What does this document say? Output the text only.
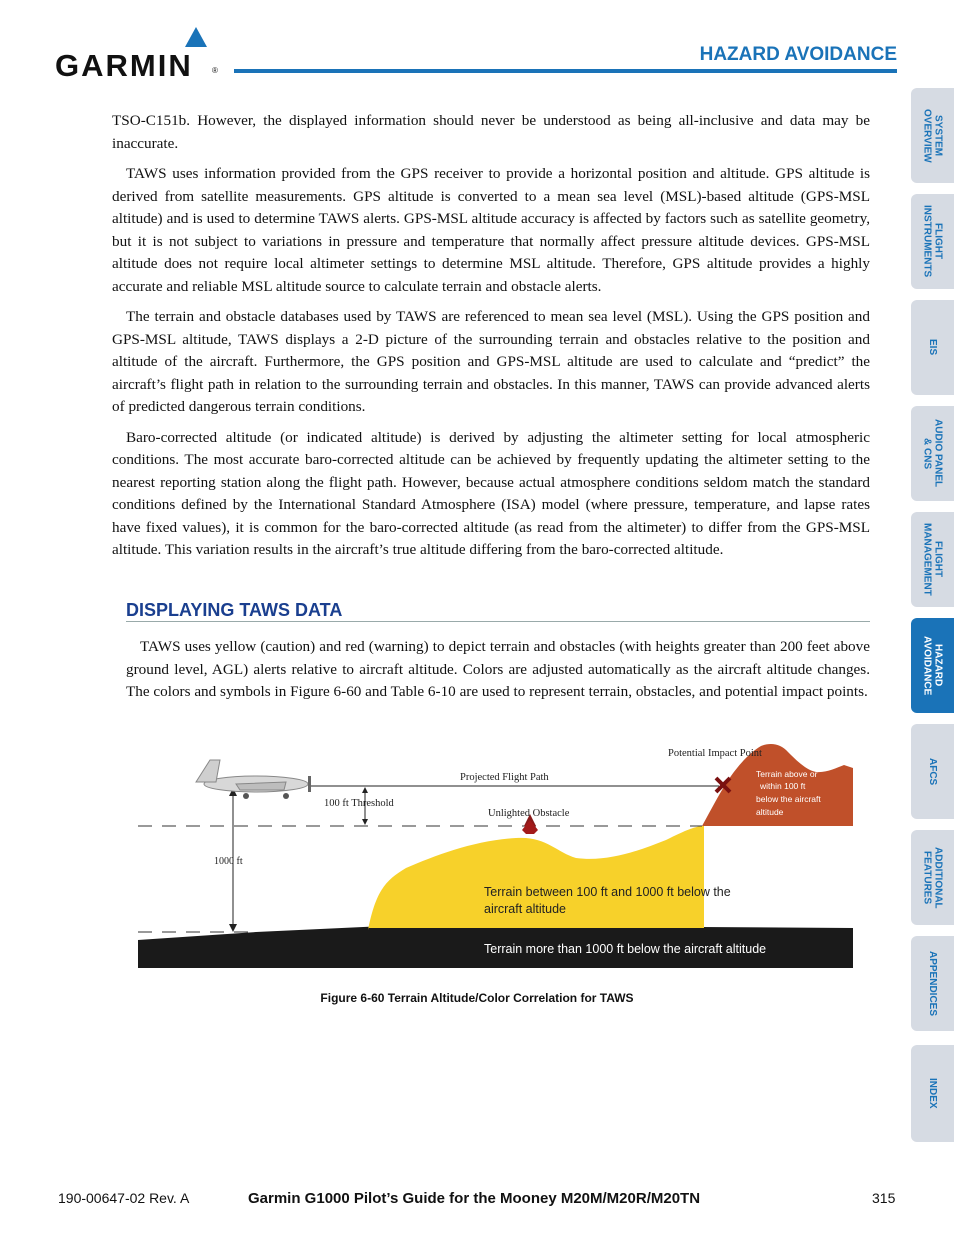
GARMIN ®
HAZARD AVOIDANCE

TSO-C151b. However, the displayed information should never be understood as being all-inclusive and data may be inaccurate.

TAWS uses information provided from the GPS receiver to provide a horizontal position and altitude. GPS altitude is derived from satellite measurements. GPS altitude is converted to a mean sea level (MSL)-based altitude (GPS-MSL altitude) and is used to determine TAWS alerts. GPS-MSL altitude accuracy is affected by factors such as satellite geometry, but it is not subject to variations in pressure and temperature that normally affect pressure altitude devices. GPS-MSL altitude does not require local altimeter settings to determine MSL altitude. Therefore, GPS altitude provides a highly accurate and reliable MSL altitude source to calculate terrain and obstacle alerts.

The terrain and obstacle databases used by TAWS are referenced to mean sea level (MSL). Using the GPS position and GPS-MSL altitude, TAWS displays a 2-D picture of the surrounding terrain and obstacles relative to the position and altitude of the aircraft. Furthermore, the GPS position and GPS-MSL altitude are used to calculate and “predict” the aircraft’s flight path in relation to the surrounding terrain and obstacles. In this manner, TAWS can provide advanced alerts of predicted dangerous terrain conditions.

Baro-corrected altitude (or indicated altitude) is derived by adjusting the altimeter setting for local atmospheric conditions. The most accurate baro-corrected altitude can be achieved by frequently updating the altimeter setting to the nearest reporting station along the flight path. However, because actual atmosphere conditions seldom match the standard conditions defined by the International Standard Atmosphere (ISA) model (where pressure, temperature, and lapse rates have fixed values), it is common for the baro-corrected altitude (as read from the altimeter) to differ from the GPS-MSL altitude. This variation results in the aircraft’s true altitude differing from the baro-corrected altitude.

DISPLAYING TAWS DATA

TAWS uses yellow (caution) and red (warning) to depict terrain and obstacles (with heights greater than 200 feet above ground level, AGL) alerts relative to aircraft altitude. Colors are adjusted automatically as the aircraft altitude changes. The colors and symbols in Figure 6-60 and Table 6-10 are used to represent terrain, obstacles, and potential impact points.

Potential Impact Point
Projected Flight Path
100 ft Threshold
Unlighted Obstacle
1000 ft
Terrain above or
within 100 ft
below the aircraft
altitude
Terrain between 100 ft and 1000 ft below the
aircraft altitude
Terrain more than 1000 ft below the aircraft altitude
Figure 6-60 Terrain Altitude/Color Correlation for TAWS
SYSTEM
OVERVIEW
FLIGHT
INSTRUMENTS
EIS
AUDIO PANEL
& CNS
FLIGHT
MANAGEMENT
HAZARD
AVOIDANCE
AFCS
ADDITIONAL
FEATURES
APPENDICES
INDEX
190-00647-02 Rev. A	Garmin G1000 Pilot’s Guide for the Mooney M20M/M20R/M20TN	315
